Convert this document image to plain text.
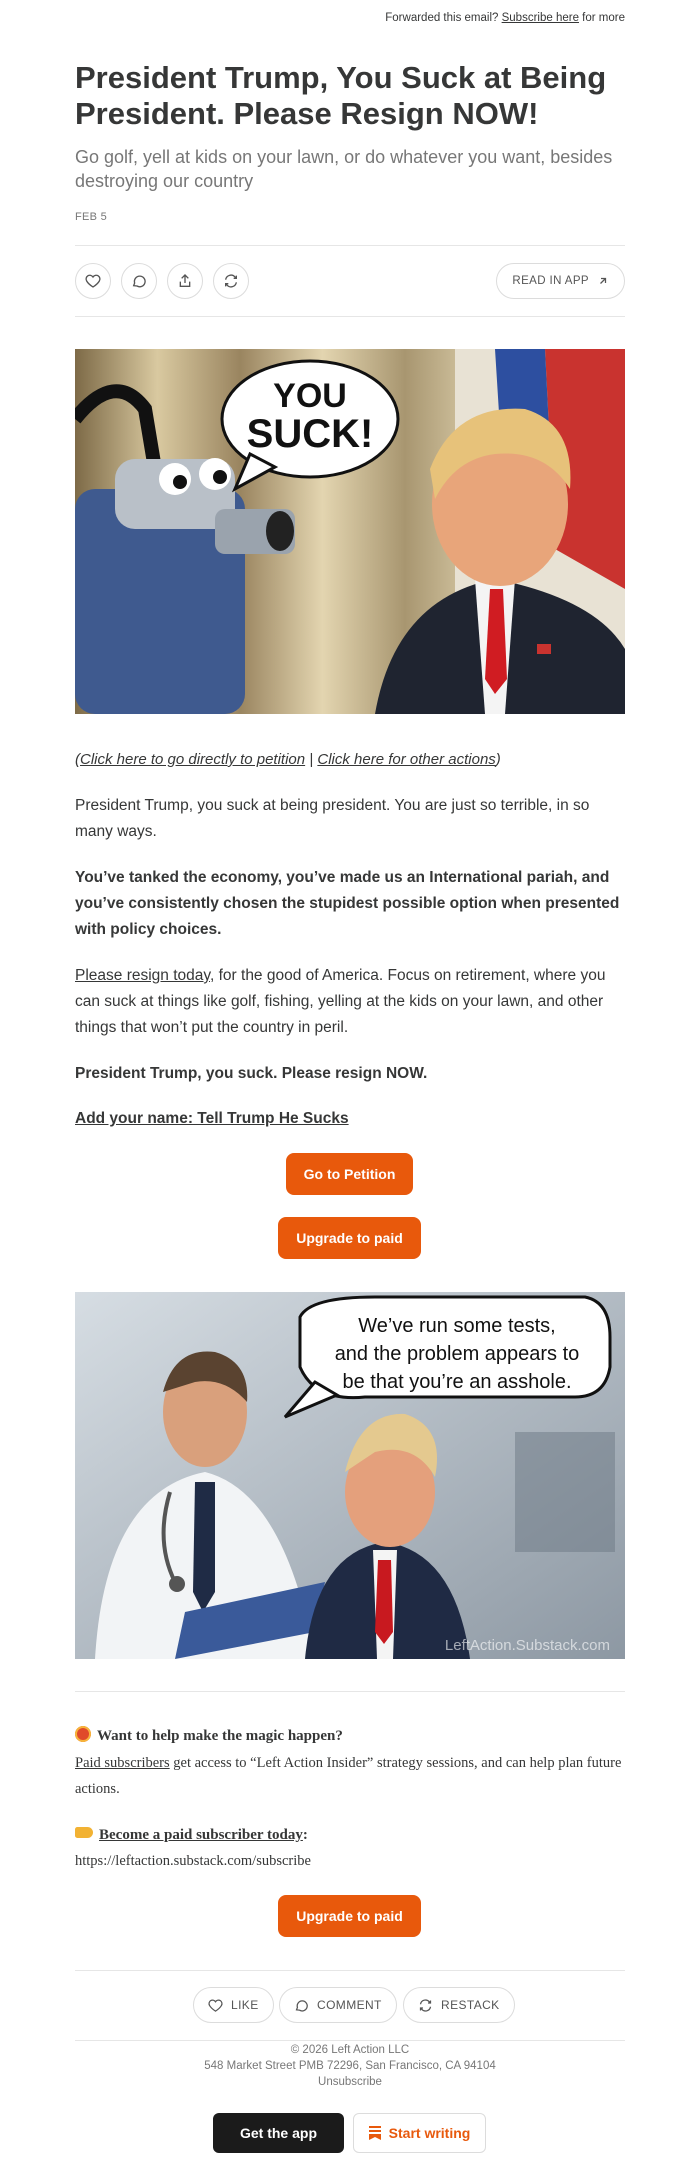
Forwarded this email? Subscribe here for more
President Trump, You Suck at Being President. Please Resign NOW!

Go golf, yell at kids on your lawn, or do whatever you want, besides destroying our country

FEB 5
READ IN APP
YOU
SUCK!

(Click here to go directly to petition | Click here for other actions)

President Trump, you suck at being president. You are just so terrible, in so many ways.

You’ve tanked the economy, you’ve made us an International pariah, and you’ve consistently chosen the stupidest possible option when presented with policy choices.

Please resign today, for the good of America. Focus on retirement, where you can suck at things like golf, fishing, yelling at the kids on your lawn, and other things that won’t put the country in peril.

President Trump, you suck. Please resign NOW.

Add your name: Tell Trump He Sucks

Go to Petition
Upgrade to paid
We’ve run some tests,
and the problem appears to
be that you’re an asshole.
LeftAction.Substack.com
Want to help make the magic happen?

Paid subscribers get access to “Left Action Insider” strategy sessions, and can help plan future actions.

Become a paid subscriber today:

https://leftaction.substack.com/subscribe

Upgrade to paid
LIKE	COMMENT	RESTACK
© 2026 Left Action LLC
548 Market Street PMB 72296, San Francisco, CA 94104
Unsubscribe
Get the app	Start writing
